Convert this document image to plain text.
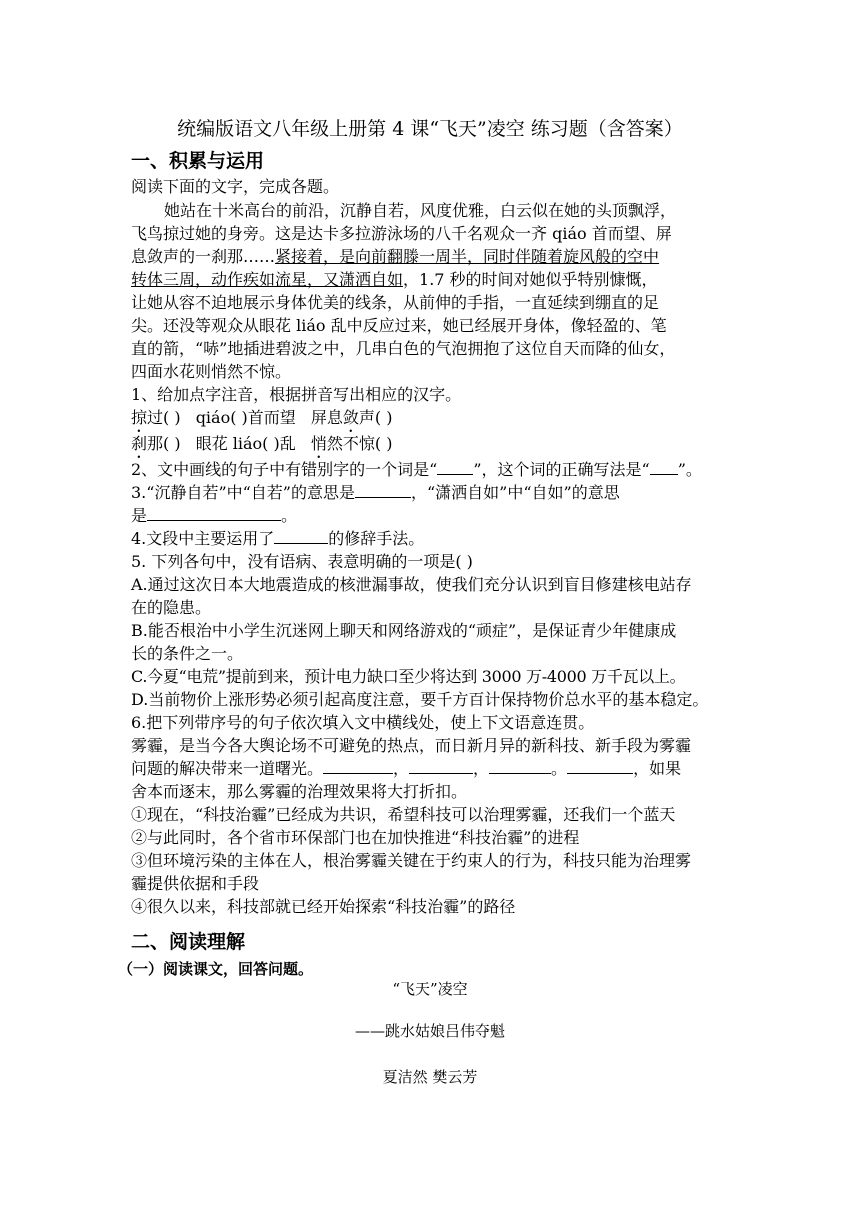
统编版语文八年级上册第 4 课“飞天”凌空 练习题（含答案）
一、积累与运用
阅读下面的文字，完成各题。
她站在十米高台的前沿，沉静自若，风度优雅，白云似在她的头顶飘浮，
飞鸟掠过她的身旁。这是达卡多拉游泳场的八千名观众一齐 qiáo 首而望、屏
息敛声的一刹那……紧接着，是向前翻滕一周半，同时伴随着旋风般的空中
转体三周，动作疾如流星，又潇洒自如，1.7 秒的时间对她似乎特别慷慨，
让她从容不迫地展示身体优美的线条，从前伸的手指，一直延续到绷直的足
尖。还没等观众从眼花 liáo 乱中反应过来，她已经展开身体，像轻盈的、笔
直的箭，“哧”地插进碧波之中，几串白色的气泡拥抱了这位自天而降的仙女，
四面水花则悄然不惊。
1、给加点字注音，根据拼音写出相应的汉字。
掠过( ) qiáo( )首而望 屏息敛声( )
刹那( ) 眼花 liáo( )乱 悄然不惊( )
2、文中画线的句子中有错别字的一个词是“ ”，这个词的正确写法是“ ”。
3.“沉静自若”中“自若”的意思是	，“潇洒自如”中“自如”的意思
是	。
4.文段中主要运用了	的修辞手法。
5. 下列各句中，没有语病、表意明确的一项是( )
A.通过这次日本大地震造成的核泄漏事故，使我们充分认识到盲目修建核电站存
在的隐患。
B.能否根治中小学生沉迷网上聊天和网络游戏的“顽症”，是保证青少年健康成
长的条件之一。
C.今夏“电荒”提前到来，预计电力缺口至少将达到 3000 万-4000 万千瓦以上。
D.当前物价上涨形势必须引起高度注意，要千方百计保持物价总水平的基本稳定。
6.把下列带序号的句子依次填入文中横线处，使上下文语意连贯。
雾霾，是当今各大舆论场不可避免的热点，而日新月异的新科技、新手段为雾霾
问题的解决带来一道曙光。	，	，	。	，如果
舍本而逐末，那么雾霾的治理效果将大打折扣。
①现在，“科技治霾”已经成为共识，希望科技可以治理雾霾，还我们一个蓝天
②与此同时，各个省市环保部门也在加快推进“科技治霾”的进程
③但环境污染的主体在人，根治雾霾关键在于约束人的行为，科技只能为治理雾
霾提供依据和手段
④很久以来，科技部就已经开始探索“科技治霾”的路径
二、阅读理解
（一）阅读课文，回答问题。
“飞天”凌空
——跳水姑娘吕伟夺魁
夏洁然 樊云芳
